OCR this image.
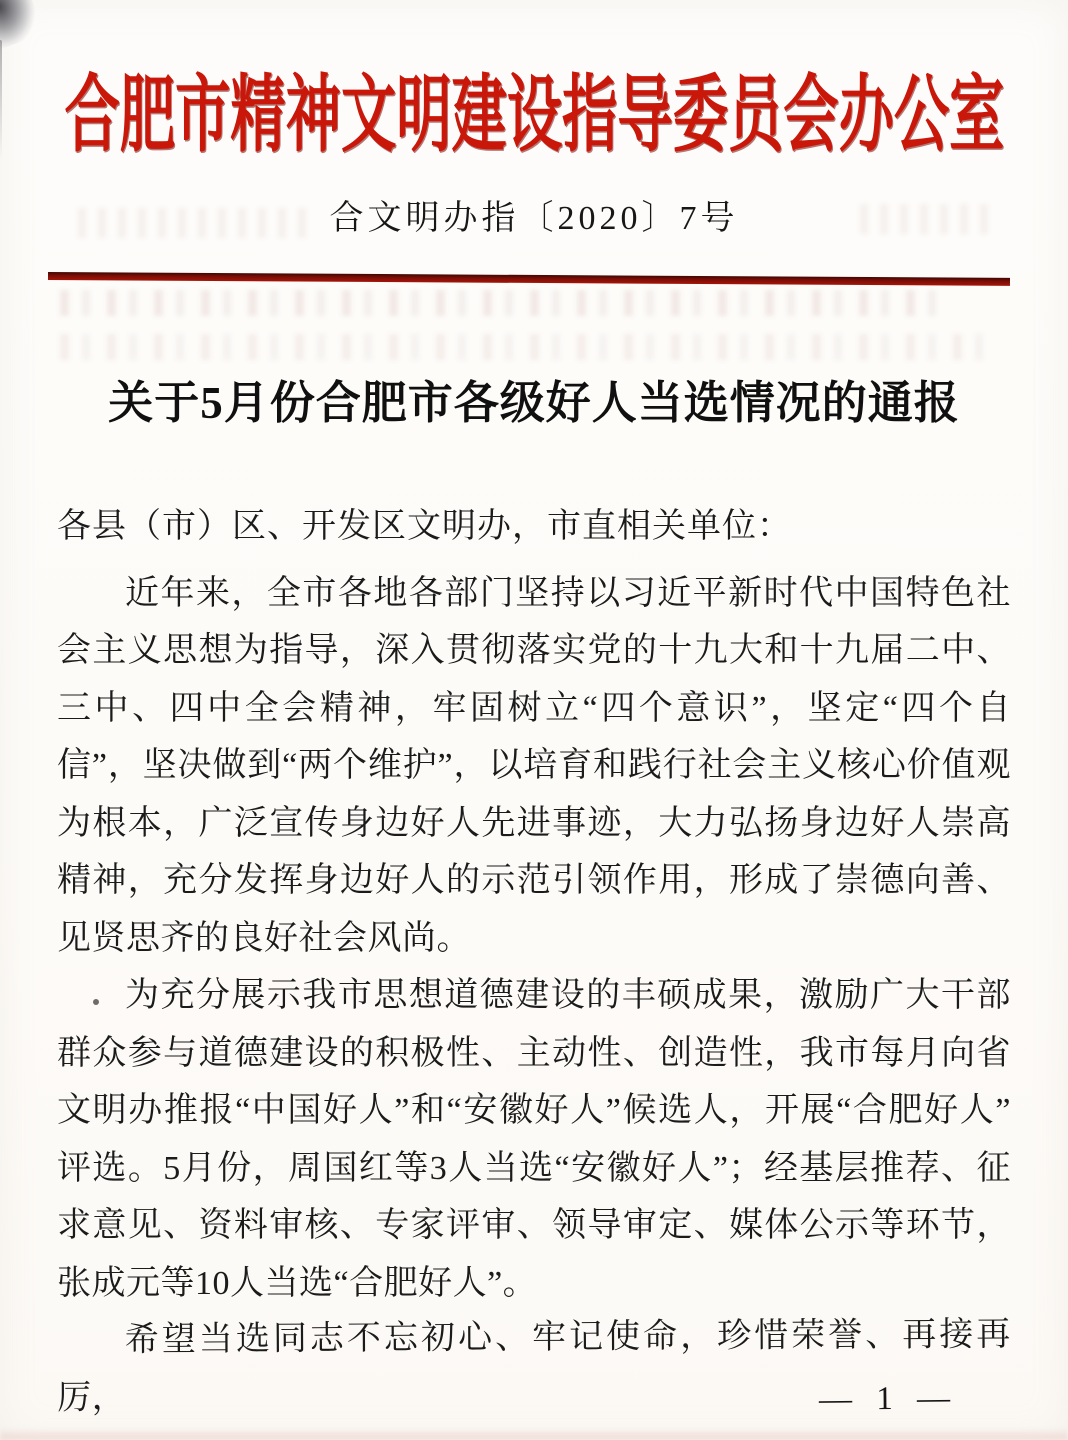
合肥市精神文明建设指导委员会办公室
合文明办指〔2020〕7号
关于5月份合肥市各级好人当选情况的通报
各县（市）区、开发区文明办，市直相关单位：

近年来，全市各地各部门坚持以习近平新时代中国特色社会主义思想为指导，深入贯彻落实党的十九大和十九届二中、三中、四中全会精神，牢固树立“四个意识”，坚定“四个自信”，坚决做到“两个维护”，以培育和践行社会主义核心价值观为根本，广泛宣传身边好人先进事迹，大力弘扬身边好人崇高精神，充分发挥身边好人的示范引领作用，形成了崇德向善、见贤思齐的良好社会风尚。

为充分展示我市思想道德建设的丰硕成果，激励广大干部群众参与道德建设的积极性、主动性、创造性，我市每月向省文明办推报“中国好人”和“安徽好人”候选人，开展“合肥好人”评选。5月份，周国红等3人当选“安徽好人”；经基层推荐、征求意见、资料审核、专家评审、领导审定、媒体公示等环节，张成元等10人当选“合肥好人”。

希望当选同志不忘初心、牢记使命，珍惜荣誉、再接再厉，	— 1 —
